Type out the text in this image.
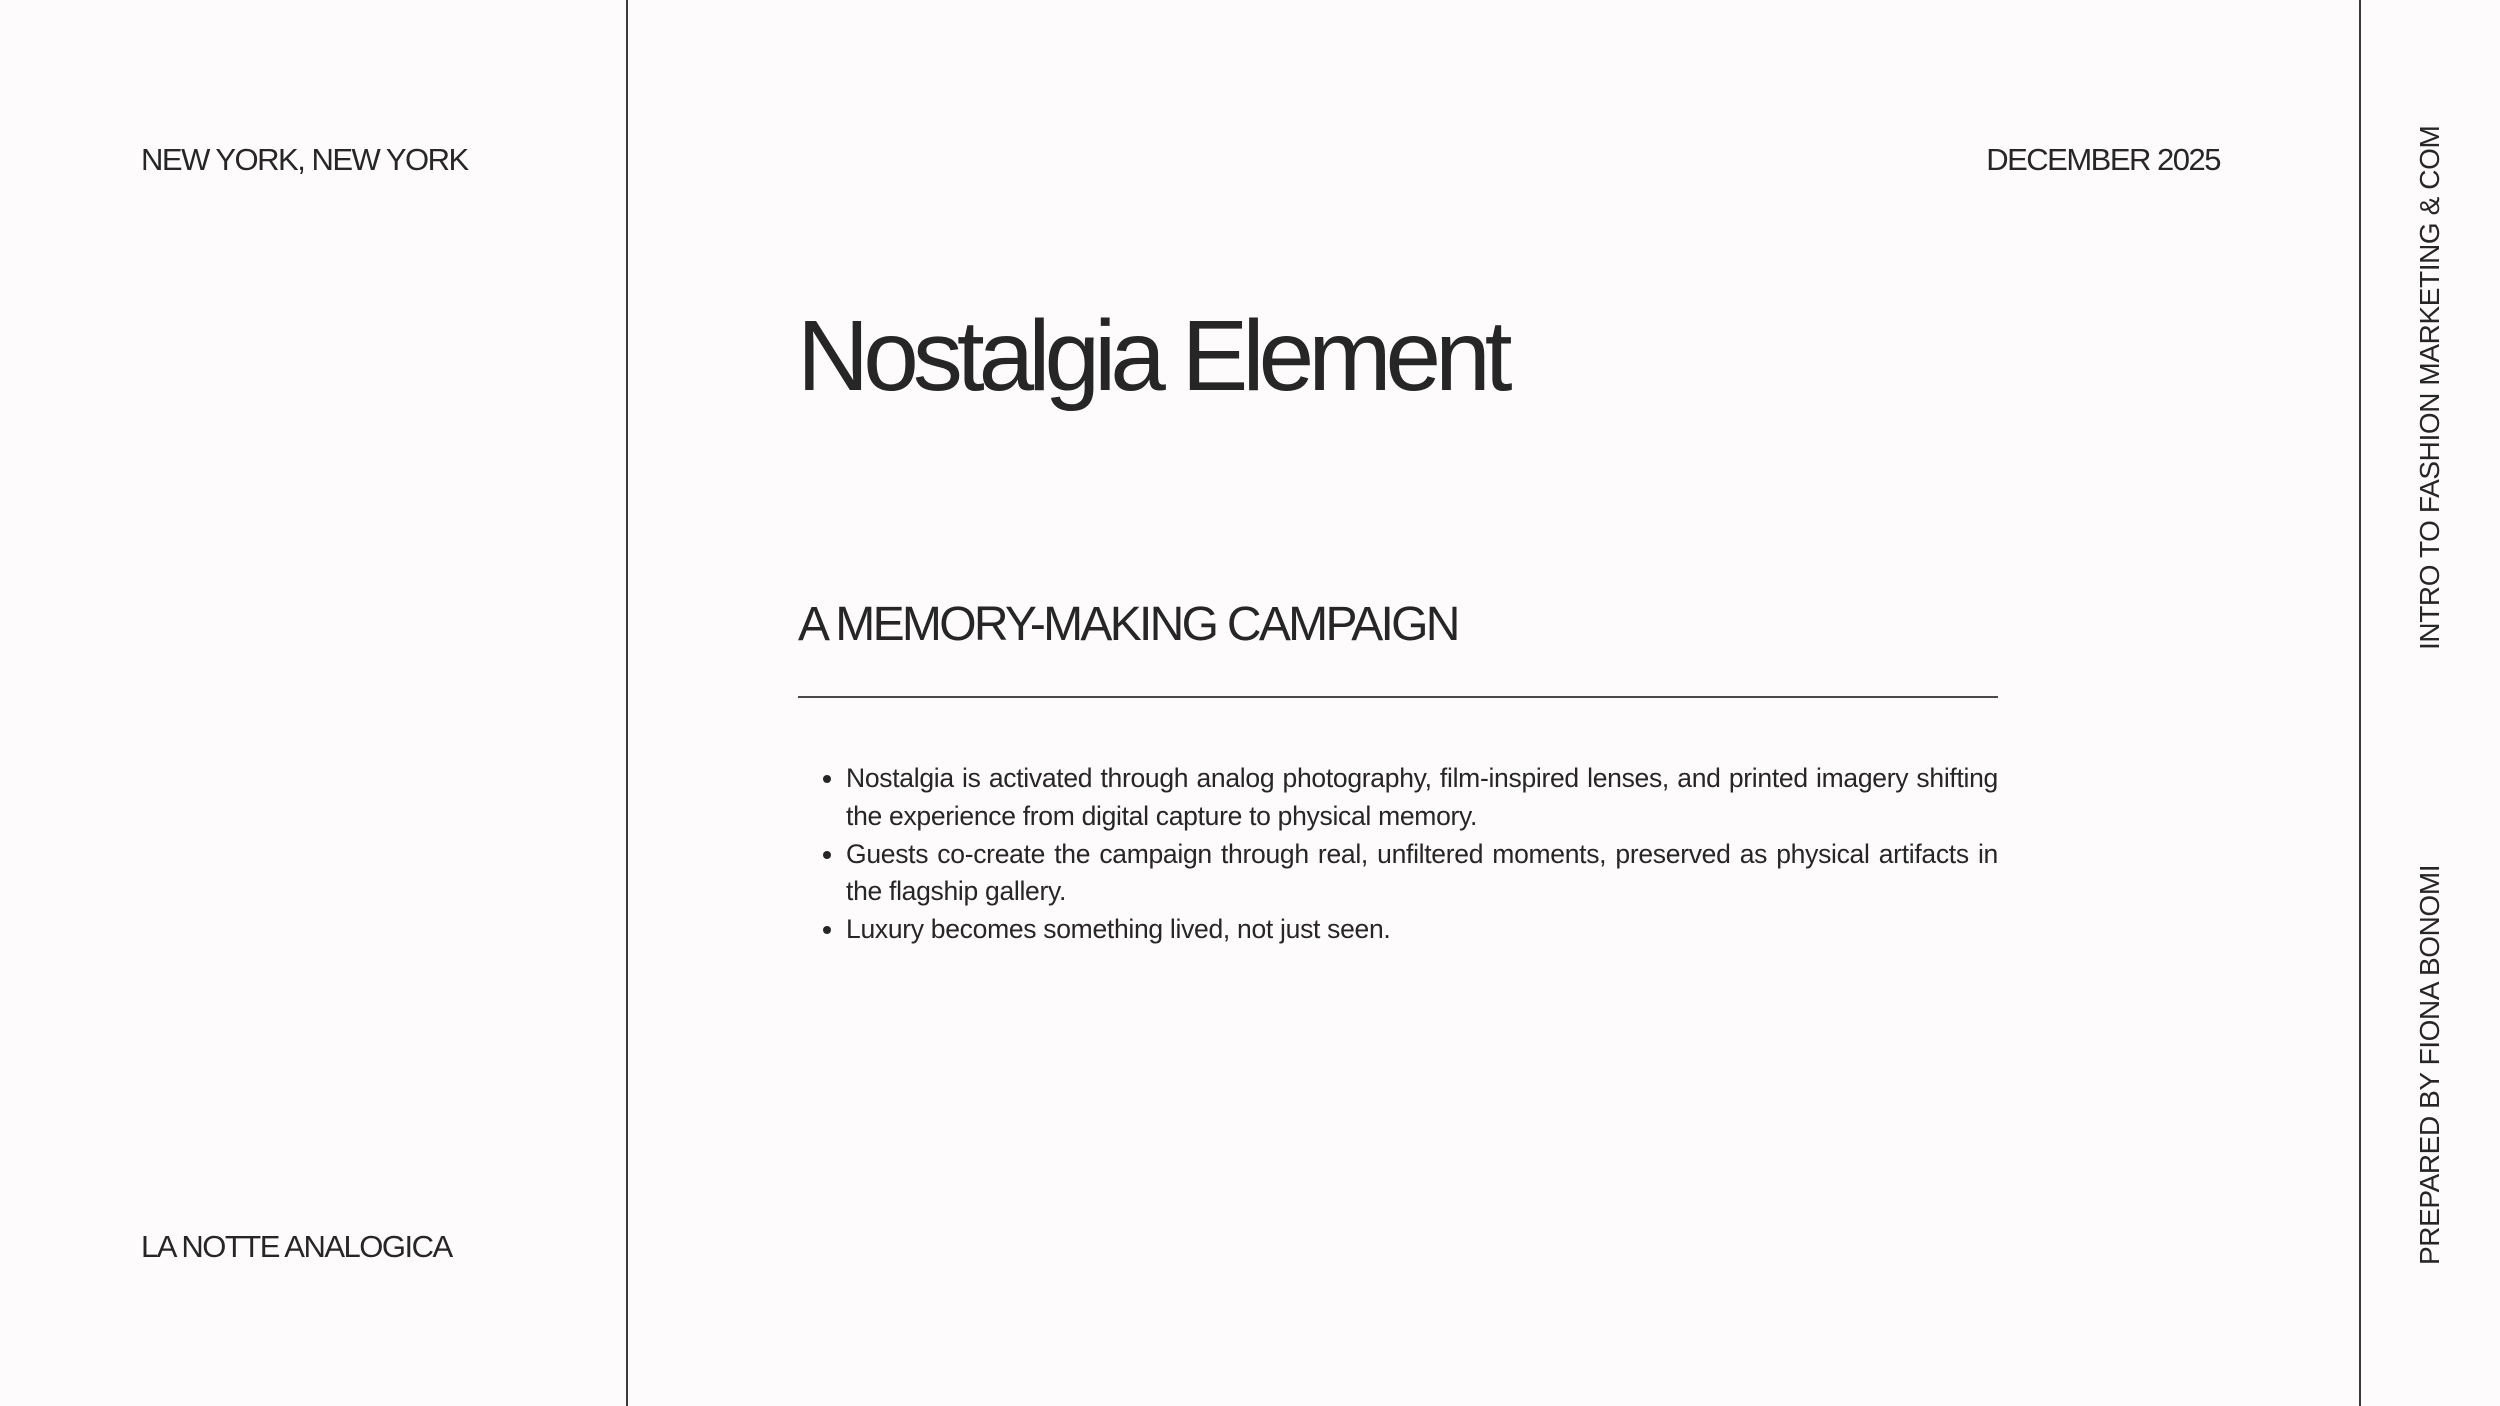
NEW YORK, NEW YORK
LA NOTTE ANALOGICA
DECEMBER 2025
Nostalgia Element
A MEMORY-MAKING CAMPAIGN
• Nostalgia is activated through analog photography, film-inspired lenses, and printed imagery shifting the experience from digital capture to physical memory.
• Guests co-create the campaign through real, unfiltered moments, preserved as physical artifacts in the flagship gallery.
• Luxury becomes something lived, not just seen.
INTRO TO FASHION MARKETING & COM
PREPARED BY FIONA BONOMI
